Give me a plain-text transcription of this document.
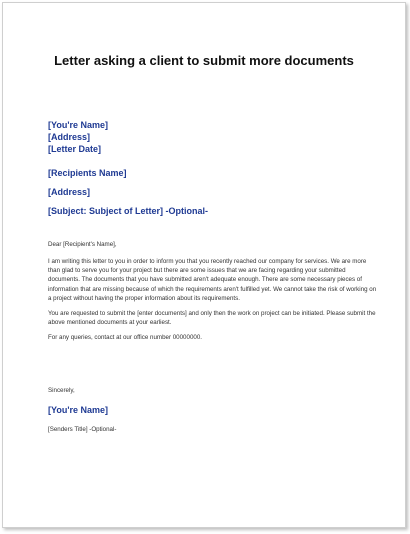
Letter asking a client to submit more documents
[You're Name]
[Address]
[Letter Date]
[Recipients Name]
[Address]
[Subject: Subject of Letter] -Optional-
Dear [Recipient's Name],

I am writing this letter to you in order to inform you that you recently reached our company for services. We are more than glad to serve you for your project but there are some issues that we are facing regarding your submitted documents. The documents that you have submitted aren't adequate enough. There are some necessary pieces of information that are missing because of which the requirements aren't fulfilled yet. We cannot take the risk of working on a project without having the proper information about its requirements.

You are requested to submit the [enter documents] and only then the work on project can be initiated. Please submit the above mentioned documents at your earliest.

For any queries, contact at our office number 00000000.

Sincerely,
[You're Name]
[Senders Title] -Optional-
